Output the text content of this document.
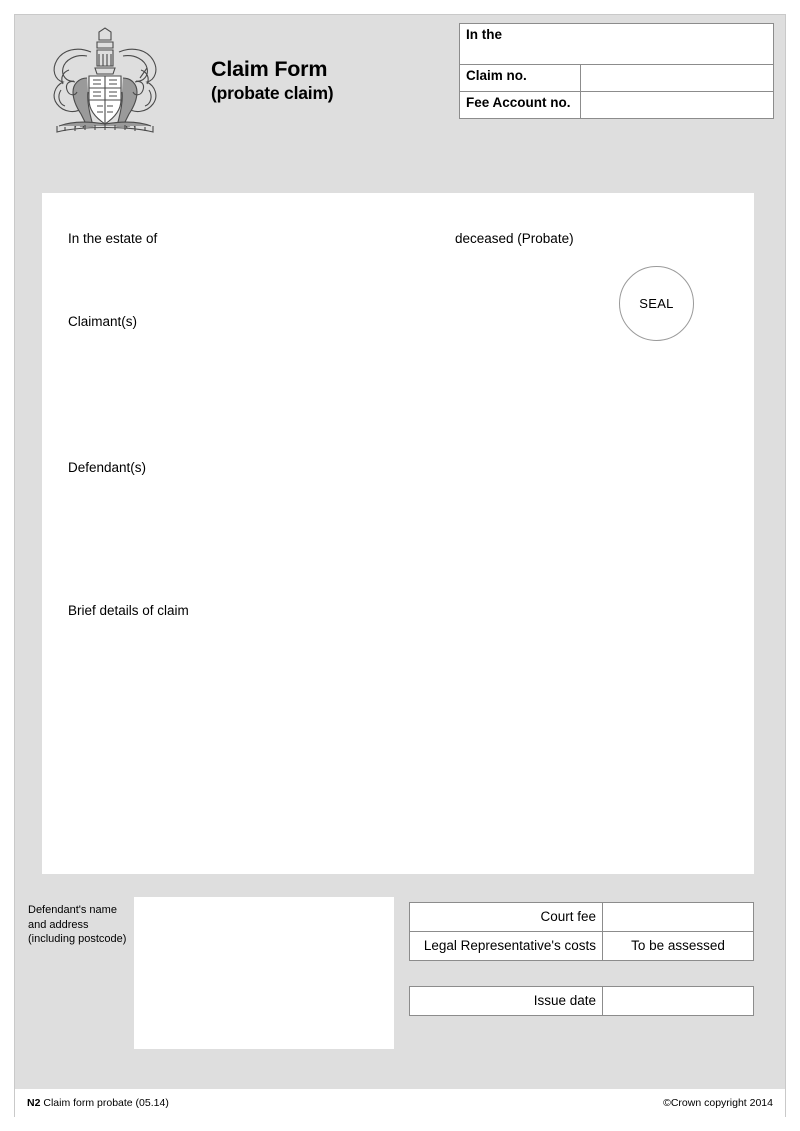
Claim Form
(probate claim)
In the
Claim no.
Fee Account no.
In the estate of	deceased (Probate)
Claimant(s)
Defendant(s)
Brief details of claim
SEAL
Defendant's name and address (including postcode)
Court fee
Legal Representative's costs	To be assessed
Issue date
N2 Claim form probate (05.14)	©Crown copyright 2014
